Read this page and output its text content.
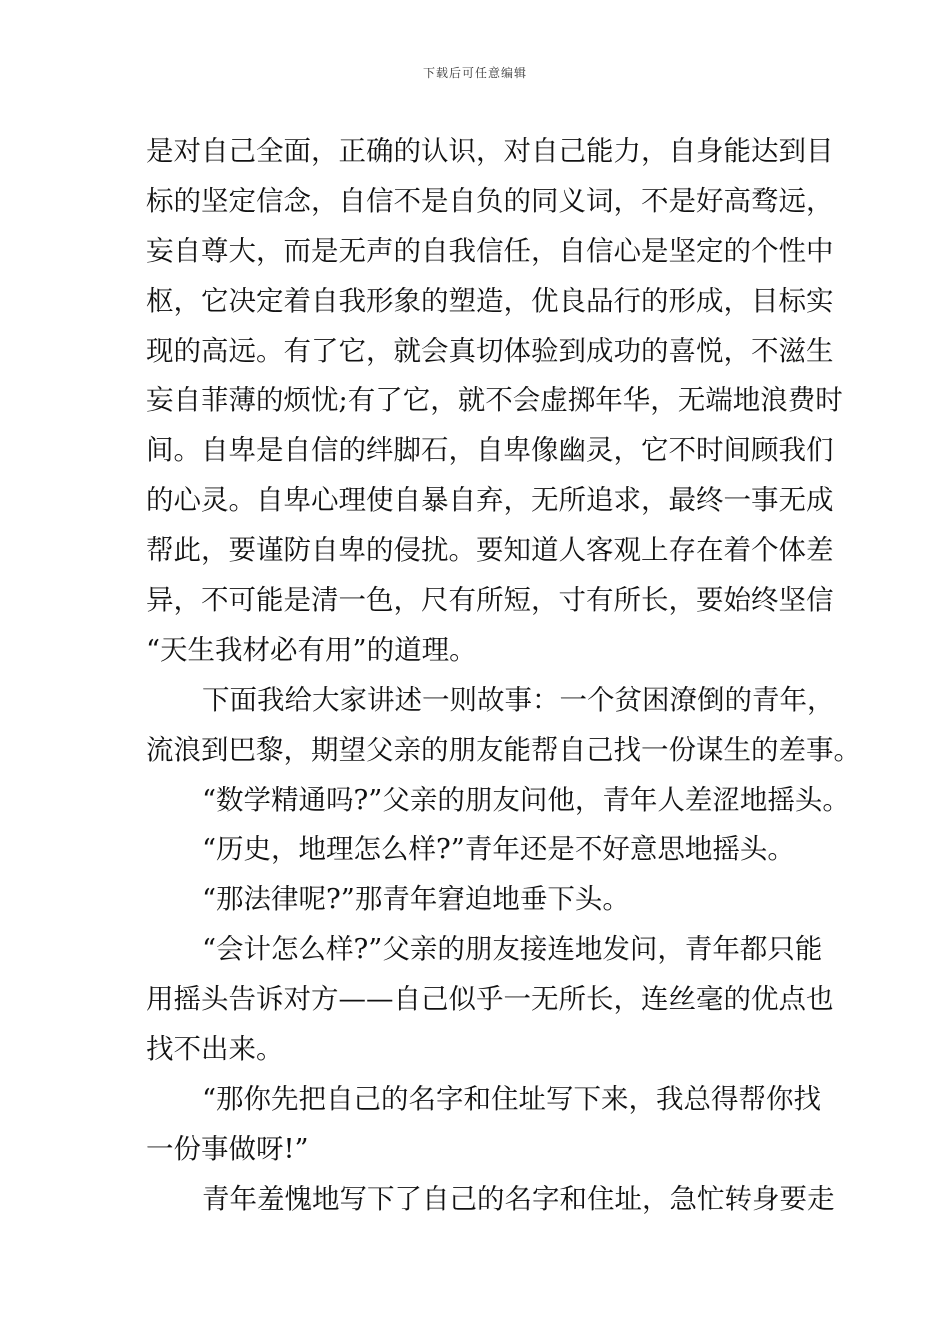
下载后可任意编辑
是对自己全面，正确的认识，对自己能力，自身能达到目
标的坚定信念，自信不是自负的同义词，不是好高骛远，
妄自尊大，而是无声的自我信任，自信心是坚定的个性中
枢，它决定着自我形象的塑造，优良品行的形成，目标实
现的高远。有了它，就会真切体验到成功的喜悦，不滋生
妄自菲薄的烦忧;有了它，就不会虚掷年华，无端地浪费时
间。自卑是自信的绊脚石，自卑像幽灵，它不时间顾我们
的心灵。自卑心理使自暴自弃，无所追求，最终一事无成
帮此，要谨防自卑的侵扰。要知道人客观上存在着个体差
异，不可能是清一色，尺有所短，寸有所长，要始终坚信
“天生我材必有用”的道理。
下面我给大家讲述一则故事：一个贫困潦倒的青年，
流浪到巴黎，期望父亲的朋友能帮自己找一份谋生的差事。
“数学精通吗?”父亲的朋友问他，青年人差涩地摇头。
“历史，地理怎么样?”青年还是不好意思地摇头。
“那法律呢?”那青年窘迫地垂下头。
“会计怎么样?”父亲的朋友接连地发问，青年都只能
用摇头告诉对方——自己似乎一无所长，连丝毫的优点也
找不出来。
“那你先把自己的名字和住址写下来，我总得帮你找
一份事做呀!”
青年羞愧地写下了自己的名字和住址，急忙转身要走
